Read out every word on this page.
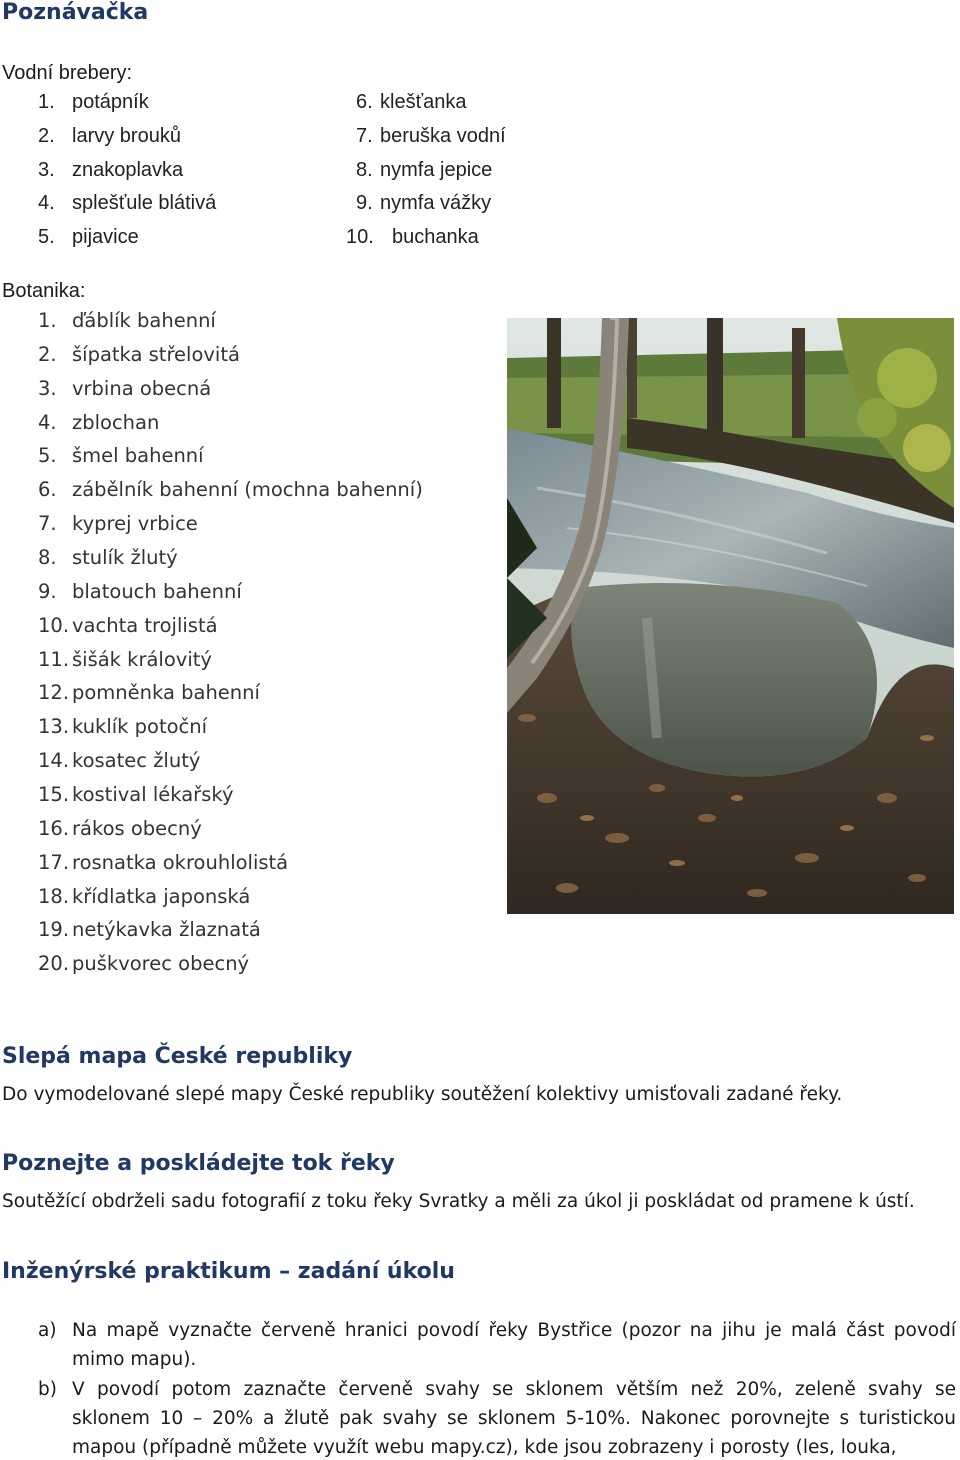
Poznávačka
Vodní brebery:
1. potápník
2. larvy brouků
3. znakoplavka
4. splešťule blátivá
5. pijavice
6. klešťanka
7. beruška vodní
8. nymfa jepice
9. nymfa vážky
10. buchanka
Botanika:
1. ďáblík bahenní
2. šípatka střelovitá
3. vrbina obecná
4. zblochan
5. šmel bahenní
6. zábělník bahenní (mochna bahenní)
7. kyprej vrbice
8. stulík žlutý
9. blatouch bahenní
10. vachta trojlistá
11. šišák královitý
12. pomněnka bahenní
13. kuklík potoční
14. kosatec žlutý
15. kostival lékařský
16. rákos obecný
17. rosnatka okrouhlolistá
18. křídlatka japonská
19. netýkavka žlaznatá
20. puškvorec obecný
Slepá mapa České republiky

Do vymodelované slepé mapy České republiky soutěžení kolektivy umisťovali zadané řeky.

Poznejte a poskládejte tok řeky

Soutěžící obdrželi sadu fotografií z toku řeky Svratky a měli za úkol ji poskládat od pramene k ústí.

Inženýrské praktikum – zadání úkolu
a) Na mapě vyznačte červeně hranici povodí řeky Bystřice (pozor na jihu je malá část povodí mimo mapu).
b) V povodí potom zaznačte červeně svahy se sklonem větším než 20%, zeleně svahy se sklonem 10 – 20% a žlutě pak svahy se sklonem 5-10%. Nakonec porovnejte s turistickou mapou (případně můžete využít webu mapy.cz), kde jsou zobrazeny i porosty (les, louka,
